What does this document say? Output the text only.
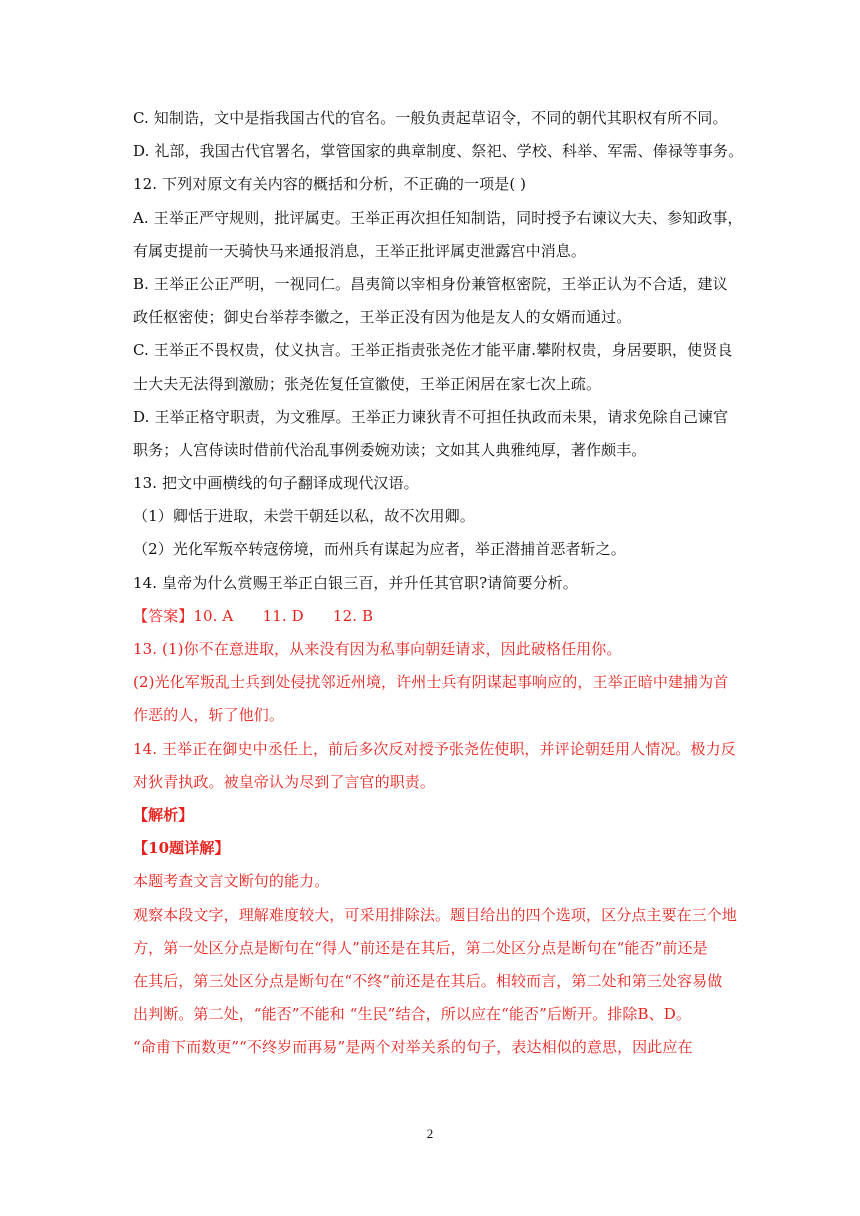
C. 知制诰，文中是指我国古代的官名。一般负责起草诏令，不同的朝代其职权有所不同。
D. 礼部，我国古代官署名，掌管国家的典章制度、祭祀、学校、科举、军需、俸禄等事务。
12. 下列对原文有关内容的概括和分析，不正确的一项是( )
A. 王举正严守规则，批评属吏。王举正再次担任知制诰，同时授予右谏议大夫、参知政事，
有属吏提前一天骑快马来通报消息，王举正批评属吏泄露宫中消息。
B. 王举正公正严明，一视同仁。昌夷简以宰相身份兼管枢密院，王举正认为不合适，建议
政任枢密使；御史台举荐李徽之，王举正没有因为他是友人的女婿而通过。
C. 王举正不畏权贵，仗义执言。王举正指责张尧佐才能平庸.攀附权贵，身居要职，使贤良
士大夫无法得到激励；张尧佐复任宣徽使，王举正闲居在家七次上疏。
D. 王举正格守职责，为文雅厚。王举正力谏狄青不可担任执政而未果，请求免除自己谏官
职务；人宫侍读时借前代治乱事例委婉劝读；文如其人典雅纯厚，著作颇丰。
13. 把文中画横线的句子翻译成现代汉语。
（1）卿恬于进取，未尝干朝廷以私，故不次用卿。
（2）光化军叛卒转寇傍境，而州兵有谋起为应者，举正潜捕首恶者斩之。
14. 皇帝为什么赏赐王举正白银三百，并升任其官职?请简要分析。
【答案】10. A      11. D      12. B
13. (1)你不在意进取，从来没有因为私事向朝廷请求，因此破格任用你。
(2)光化军叛乱士兵到处侵扰邻近州境，许州士兵有阴谋起事响应的，王举正暗中建捕为首
作恶的人，斩了他们。
14. 王举正在御史中丞任上，前后多次反对授予张尧佐使职，并评论朝廷用人情况。极力反
对狄青执政。被皇帝认为尽到了言官的职责。
【解析】
【10题详解】
本题考查文言文断句的能力。
观察本段文字，理解难度较大，可采用排除法。题目给出的四个选项，区分点主要在三个地
方，第一处区分点是断句在“得人”前还是在其后，第二处区分点是断句在“能否”前还是
在其后，第三处区分点是断句在“不终”前还是在其后。相较而言，第二处和第三处容易做
出判断。第二处，“能否”不能和 “生民”结合，所以应在“能否”后断开。排除B、D。
“命甫下而数更”“不终岁而再易”是两个对举关系的句子，表达相似的意思，因此应在
2
